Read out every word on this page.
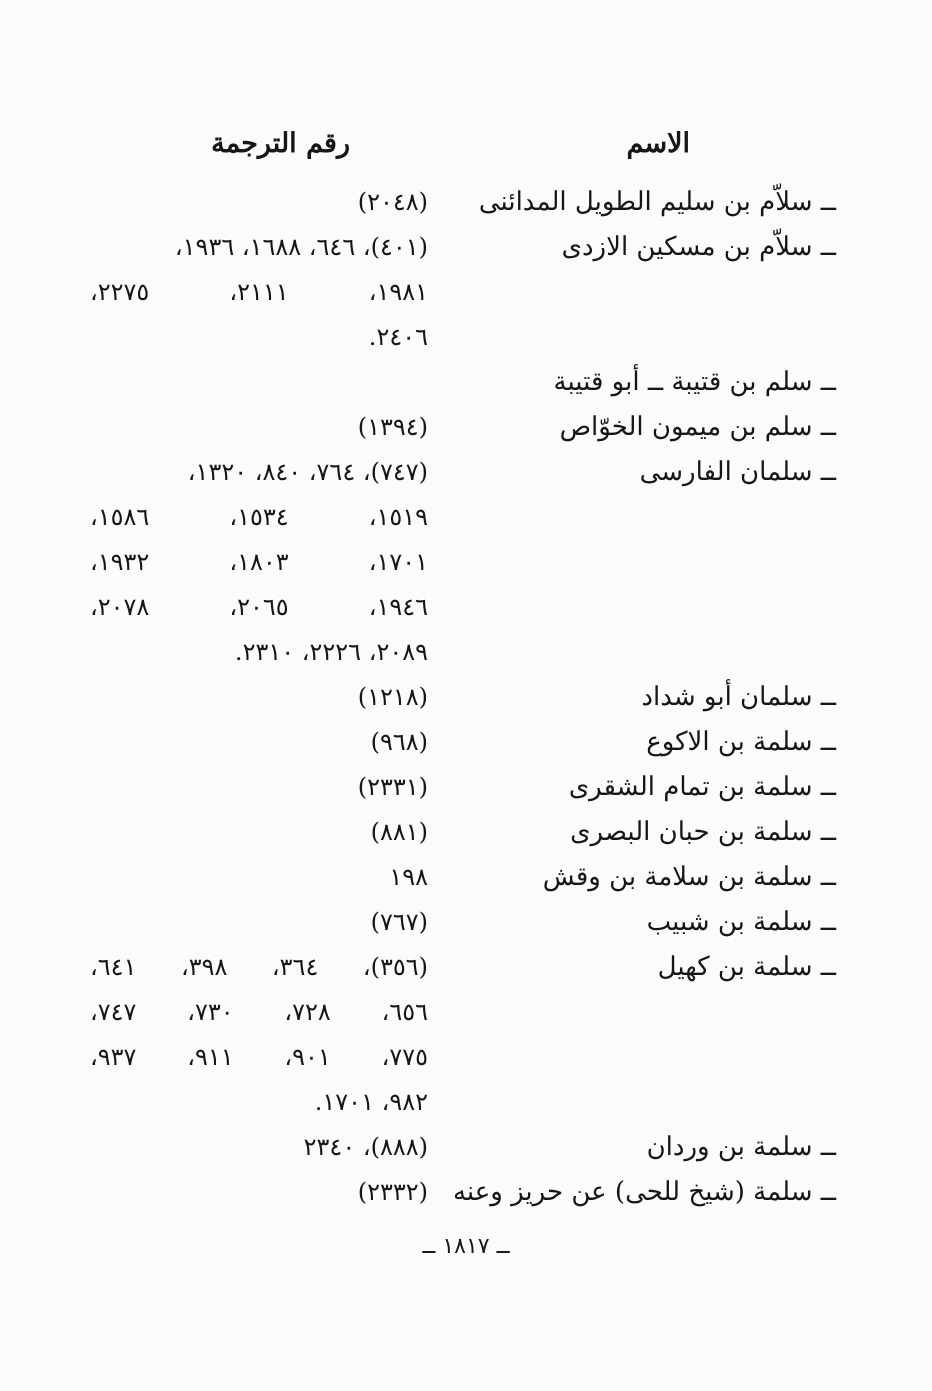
الاسم
رقم الترجمة
ــ سلاّم بن سليم الطويل المدائنى
(٢٠٤٨)
ــ سلاّم بن مسكين الازدى
(٤٠١)، ٦٤٦، ١٦٨٨، ١٩٣٦،
١٩٨١،
٢١١١،
٢٢٧٥،
٢٤٠٦.
ــ سلم بن قتيبة ــ أبو قتيبة
ــ سلم بن ميمون الخوّاص
(١٣٩٤)
ــ سلمان الفارسى
(٧٤٧)، ٧٦٤، ٨٤٠، ١٣٢٠،
١٥١٩،
١٥٣٤،
١٥٨٦،
١٧٠١،
١٨٠٣،
١٩٣٢،
١٩٤٦،
٢٠٦٥،
٢٠٧٨،
٢٠٨٩، ٢٢٢٦، ٢٣١٠.
ــ سلمان أبو شداد
(١٢١٨)
ــ سلمة بن الاكوع
(٩٦٨)
ــ سلمة بن تمام الشقرى
(٢٣٣١)
ــ سلمة بن حبان البصرى
(٨٨١)
ــ سلمة بن سلامة بن وقش
١٩٨
ــ سلمة بن شبيب
(٧٦٧)
ــ سلمة بن كهيل
(٣٥٦)،
٣٦٤،
٣٩٨،
٦٤١،
٦٥٦،
٧٢٨،
٧٣٠،
٧٤٧،
٧٧٥،
٩٠١،
٩١١،
٩٣٧،
٩٨٢، ١٧٠١.
ــ سلمة بن وردان
(٨٨٨)، ٢٣٤٠
ــ سلمة (شيخ للحى) عن حريز وعنه
(٢٣٣٢)
ــ ١٨١٧ ــ
